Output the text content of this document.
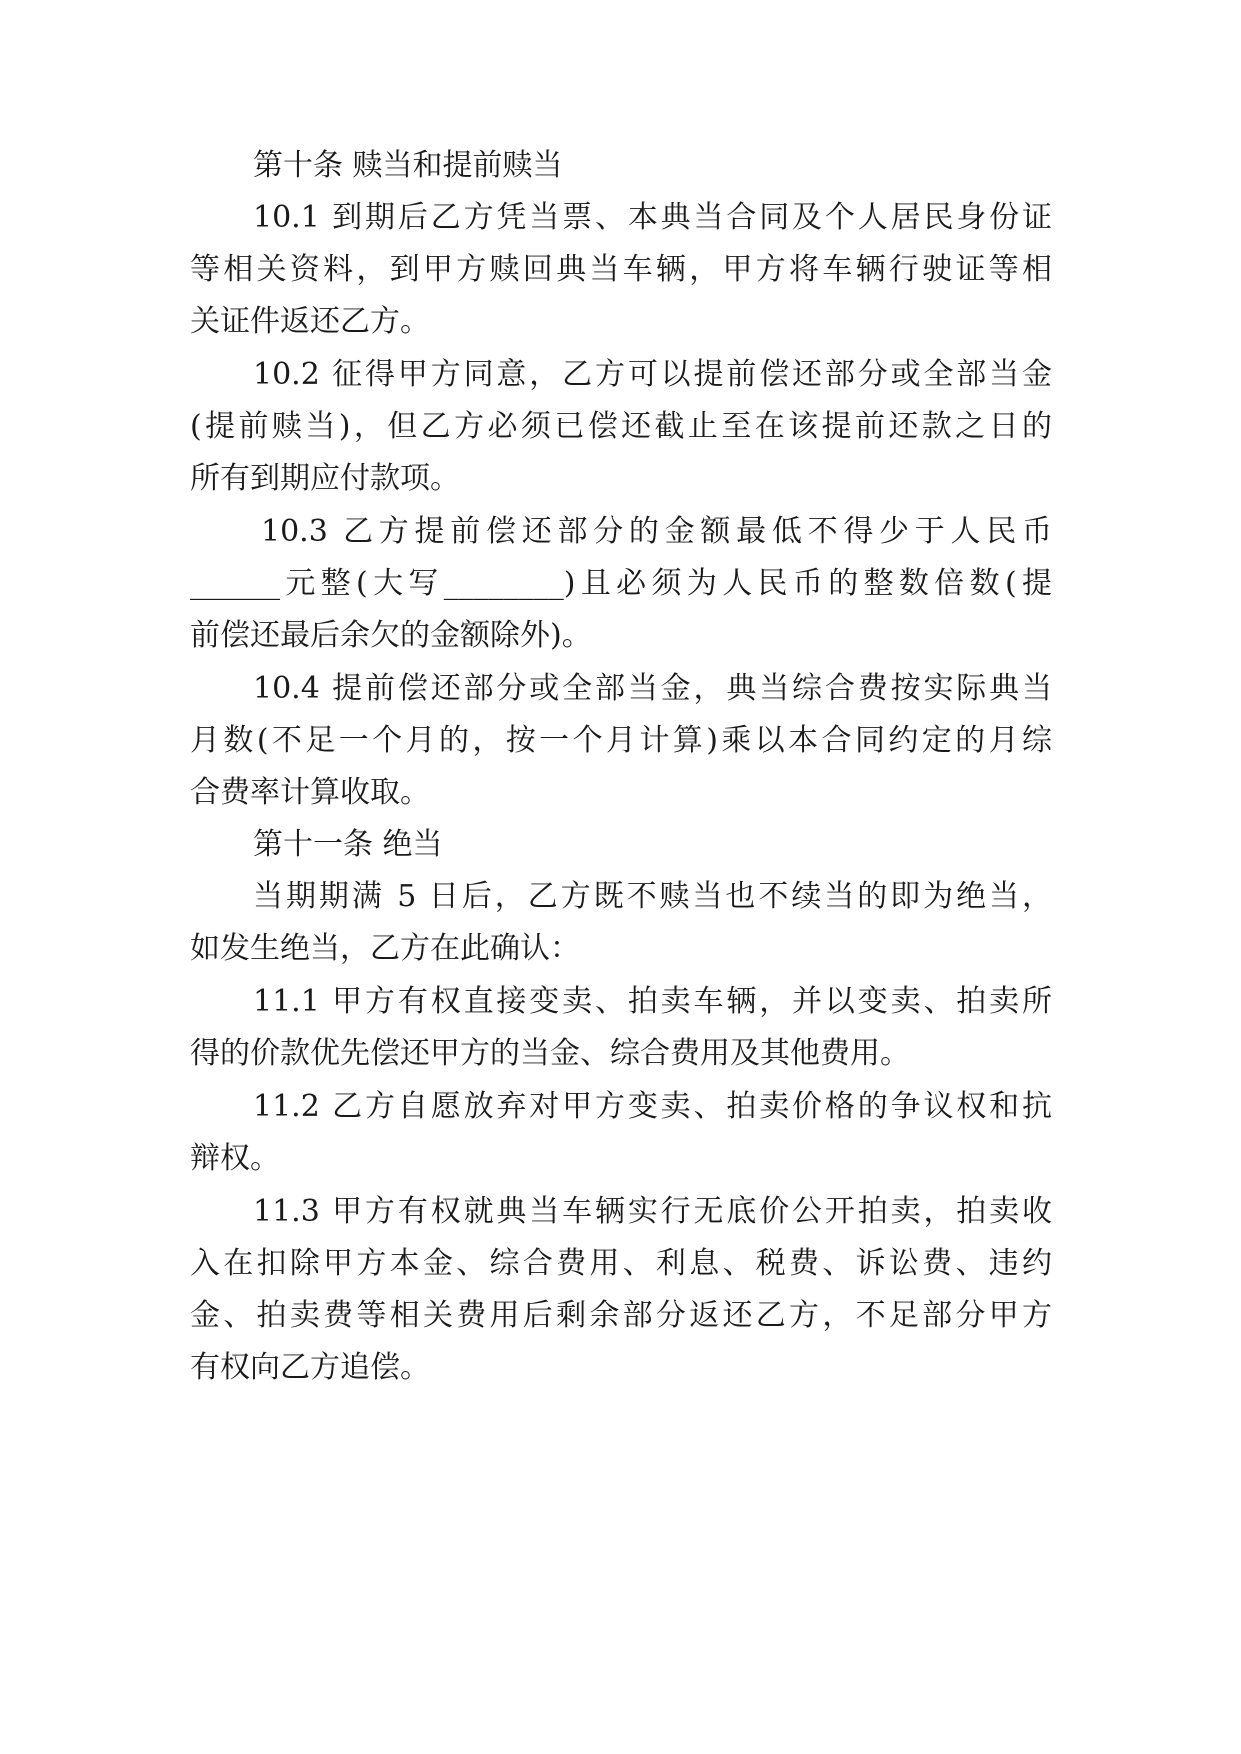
第十条 赎当和提前赎当
10.1 到期后乙方凭当票、本典当合同及个人居民身份证
等相关资料，到甲方赎回典当车辆，甲方将车辆行驶证等相
关证件返还乙方。
10.2 征得甲方同意，乙方可以提前偿还部分或全部当金
(提前赎当)，但乙方必须已偿还截止至在该提前还款之日的
所有到期应付款项。
10.3 乙方提前偿还部分的金额最低不得少于人民币
______元整(大写________)且必须为人民币的整数倍数(提
前偿还最后余欠的金额除外)。
10.4 提前偿还部分或全部当金，典当综合费按实际典当
月数(不足一个月的，按一个月计算)乘以本合同约定的月综
合费率计算收取。
第十一条 绝当
当期期满 5 日后，乙方既不赎当也不续当的即为绝当，
如发生绝当，乙方在此确认：
11.1 甲方有权直接变卖、拍卖车辆，并以变卖、拍卖所
得的价款优先偿还甲方的当金、综合费用及其他费用。
11.2 乙方自愿放弃对甲方变卖、拍卖价格的争议权和抗
辩权。
11.3 甲方有权就典当车辆实行无底价公开拍卖，拍卖收
入在扣除甲方本金、综合费用、利息、税费、诉讼费、违约
金、拍卖费等相关费用后剩余部分返还乙方，不足部分甲方
有权向乙方追偿。
